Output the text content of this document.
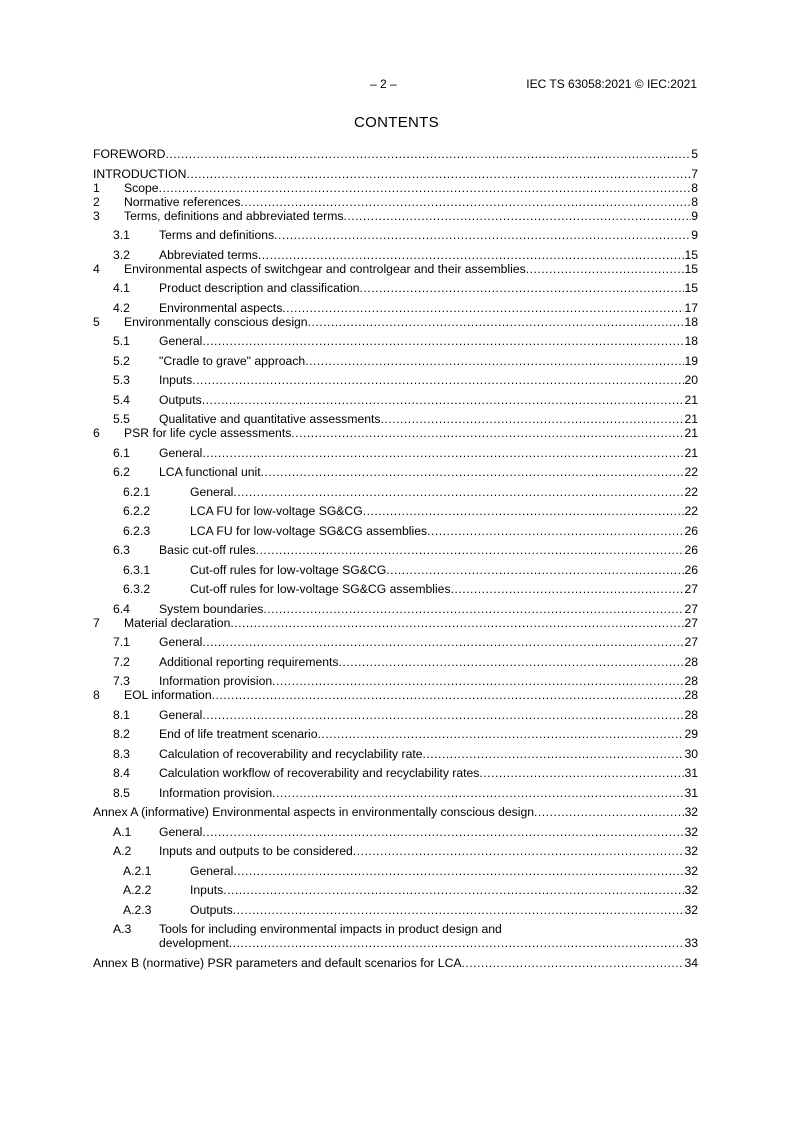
– 2 –	IEC TS 63058:2021 © IEC:2021
CONTENTS
FOREWORD .....	5
INTRODUCTION .....	7
1	Scope .....	8
2	Normative references .....	8
3	Terms, definitions and abbreviated terms .....	9
3.1	Terms and definitions .....	9
3.2	Abbreviated terms .....	15
4	Environmental aspects of switchgear and controlgear and their assemblies .....	15
4.1	Product description and classification .....	15
4.2	Environmental aspects .....	17
5	Environmentally conscious design .....	18
5.1	General .....	18
5.2	"Cradle to grave" approach .....	19
5.3	Inputs .....	20
5.4	Outputs .....	21
5.5	Qualitative and quantitative assessments .....	21
6	PSR for life cycle assessments .....	21
6.1	General .....	21
6.2	LCA functional unit .....	22
6.2.1	General .....	22
6.2.2	LCA FU for low-voltage SG&CG .....	22
6.2.3	LCA FU for low-voltage SG&CG assemblies .....	26
6.3	Basic cut-off rules .....	26
6.3.1	Cut-off rules for low-voltage SG&CG .....	26
6.3.2	Cut-off rules for low-voltage SG&CG assemblies .....	27
6.4	System boundaries .....	27
7	Material declaration .....	27
7.1	General .....	27
7.2	Additional reporting requirements .....	28
7.3	Information provision .....	28
8	EOL information .....	28
8.1	General .....	28
8.2	End of life treatment scenario .....	29
8.3	Calculation of recoverability and recyclability rate .....	30
8.4	Calculation workflow of recoverability and recyclability rates .....	31
8.5	Information provision .....	31
Annex A (informative) Environmental aspects in environmentally conscious design .....	32
A.1	General .....	32
A.2	Inputs and outputs to be considered .....	32
A.2.1	General .....	32
A.2.2	Inputs .....	32
A.2.3	Outputs .....	32
A.3	Tools for including environmental impacts in product design and
development .....	33
Annex B (normative) PSR parameters and default scenarios for LCA .....	34
